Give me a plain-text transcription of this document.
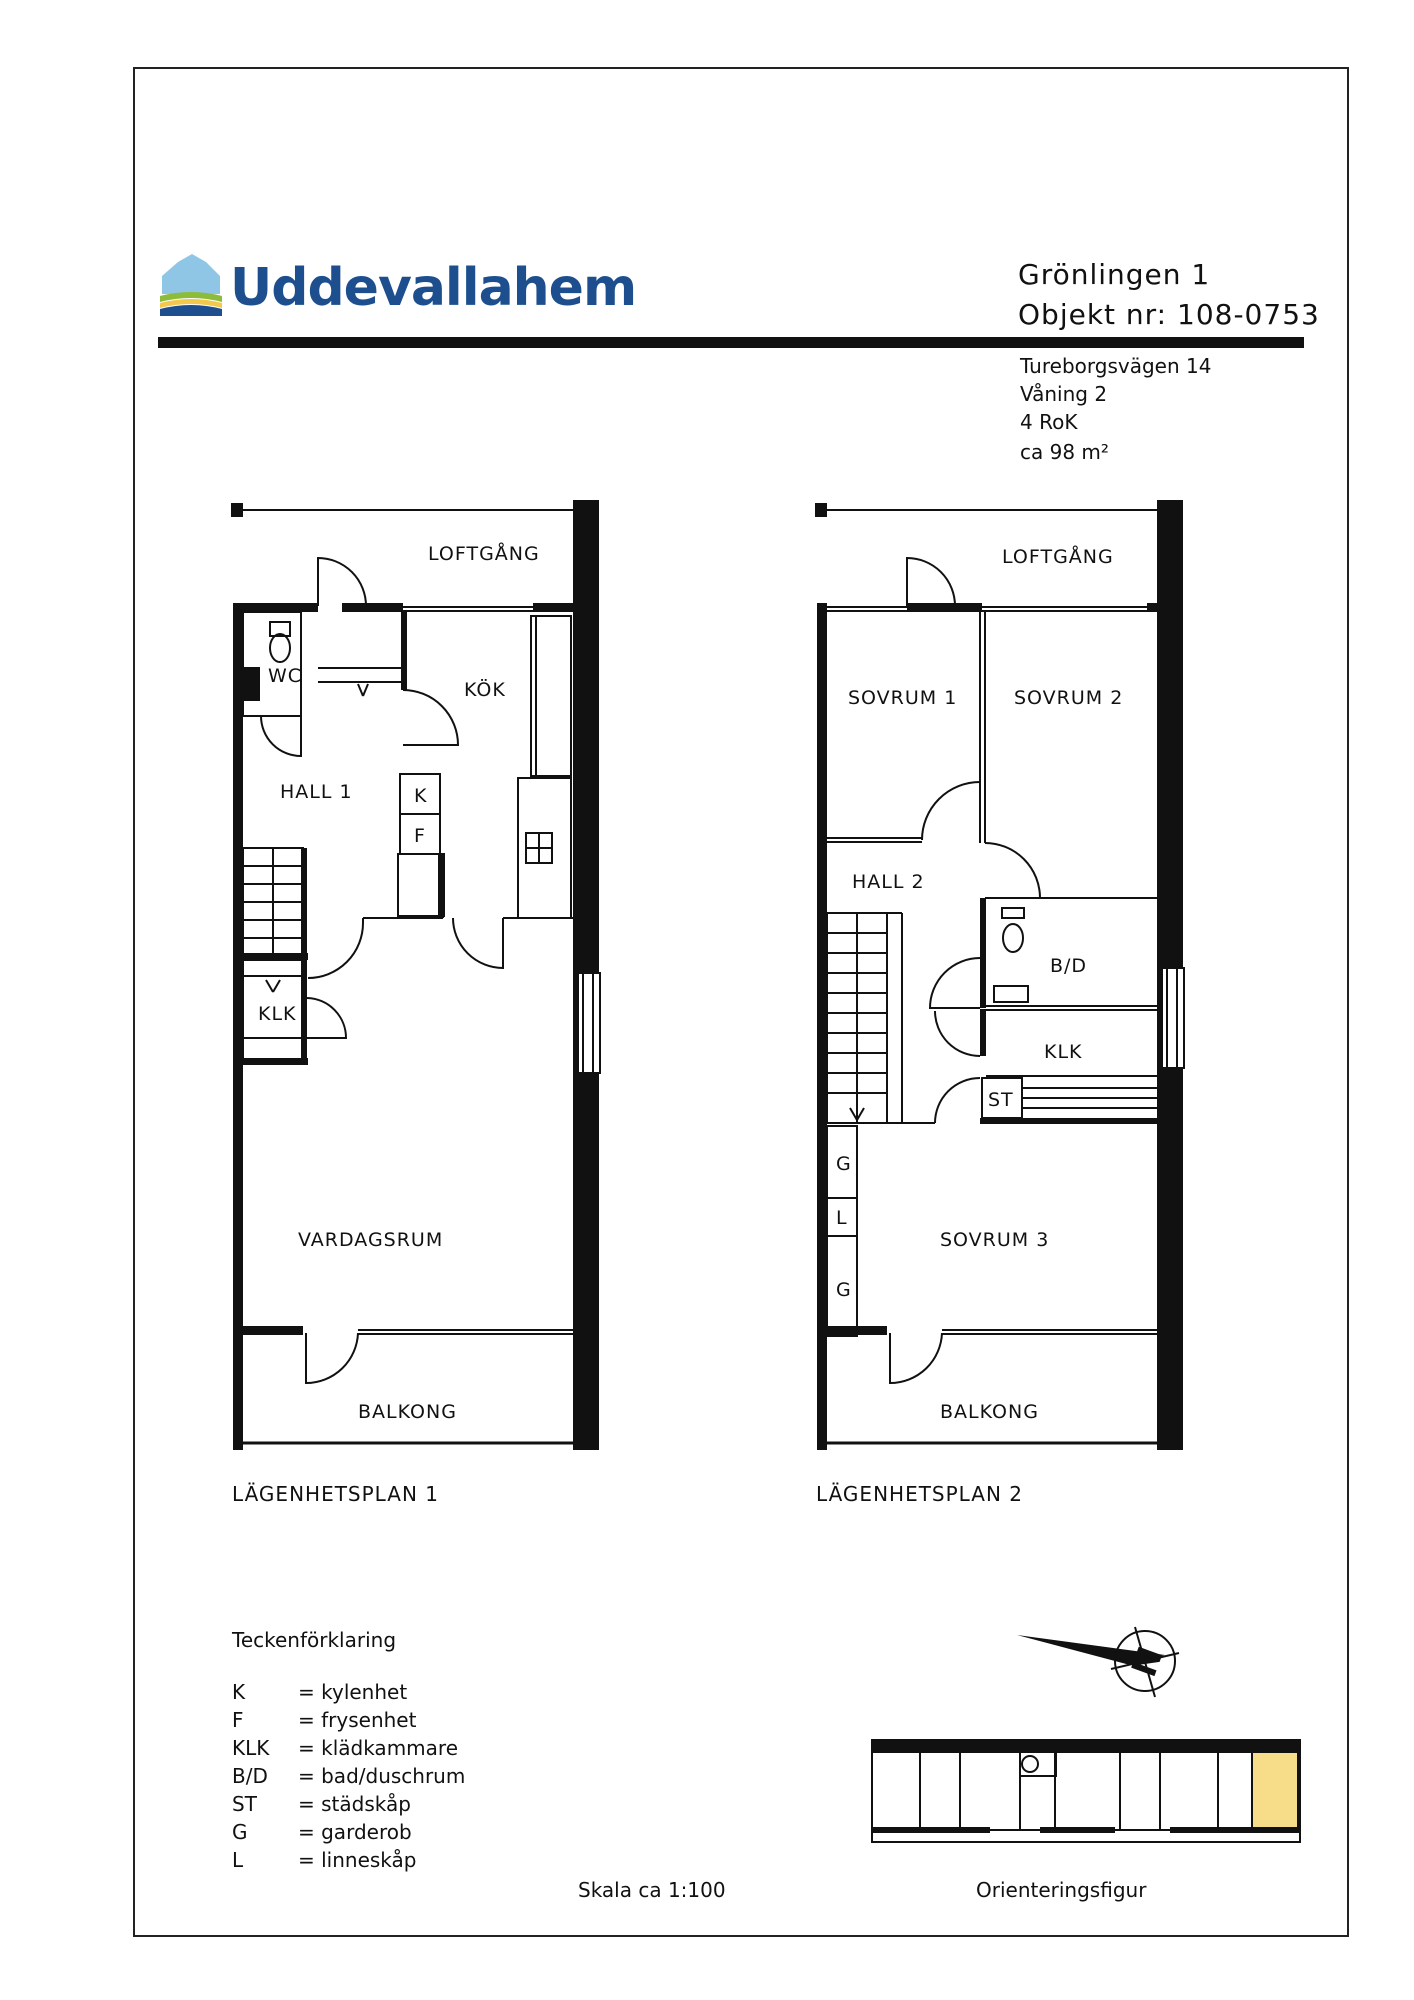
Uddevallahem	Grönlingen 1
Objekt nr: 108-0753
Tureborgsvägen 14
Våning 2
4 RoK
ca 98 m²
LOFTGÅNG
WC
KÖK
HALL 1	K
F
KLK
VARDAGSRUM
BALKONG
LÄGENHETSPLAN 1
LOFTGÅNG
SOVRUM 1	SOVRUM 2
HALL 2
B/D
KLK
ST
G
L
G
SOVRUM 3
BALKONG
LÄGENHETSPLAN 2
Teckenförklaring
K	= kylenhet
F	= frysenhet
KLK = klädkammare
B/D = bad/duschrum
ST = städskåp
G	= garderob
L	= linneskåp
Skala ca 1:100
N
Orienteringsfigur
